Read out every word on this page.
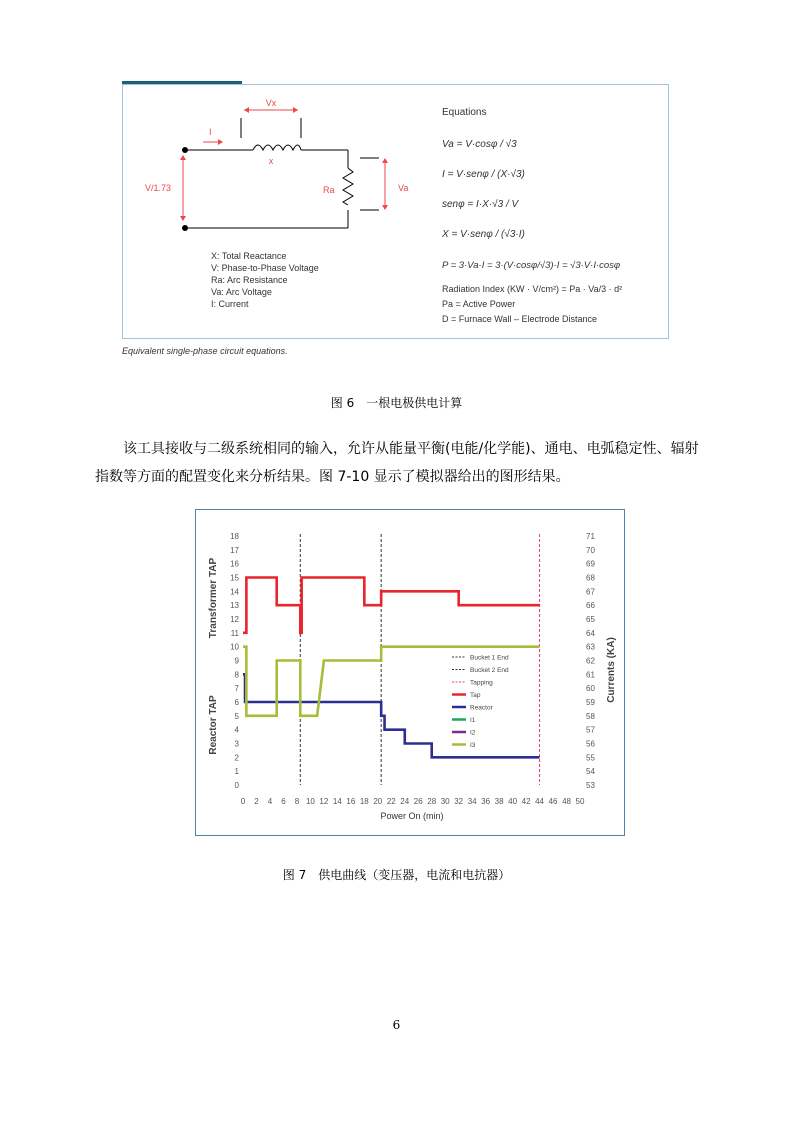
Vx
x
I
V/1.73	Ra	Va
X: Total Reactance
V: Phase-to-Phase Voltage
Ra: Arc Resistance
Va: Arc Voltage
I: Current
Equations
Va = V·cosφ / √3
I = V·senφ / (X·√3)
senφ = I·X·√3 / V
X = V·senφ / (√3·I)
P = 3·Va·I = 3·(V·cosφ/√3)·I = √3·V·I·cosφ
Radiation Index (KW · V/cm²) = Pa · Va/3 · d²
Pa = Active Power
D = Furnace Wall – Electrode Distance
Equivalent single-phase circuit equations.
图 6　一根电极供电计算
该工具接收与二级系统相同的输入，允许从能量平衡(电能/化学能)、通电、电弧稳定性、辐射指数等方面的配置变化来分析结果。图 7-10 显示了模拟器给出的图形结果。
Transformer TAP
Reactor TAP
Currents (KA)
Power On (min)
0 2 4 6 8 10 12 14 16 18 20 22 24 26 28 30 32 34 36 38 40 42 44 46 48 50
0
1
2
3
4
5
6
7
8
9
10
11
12
13
14
15
16
17
18
53
54
55
56
57
58
59
60
61
62
63
64
65
66
67
68
69
70
71
Bucket 1 End
Bucket 2 End
Tapping
Tap
Reactor
I1
I2
I3
图 7　供电曲线（变压器，电流和电抗器）
6
